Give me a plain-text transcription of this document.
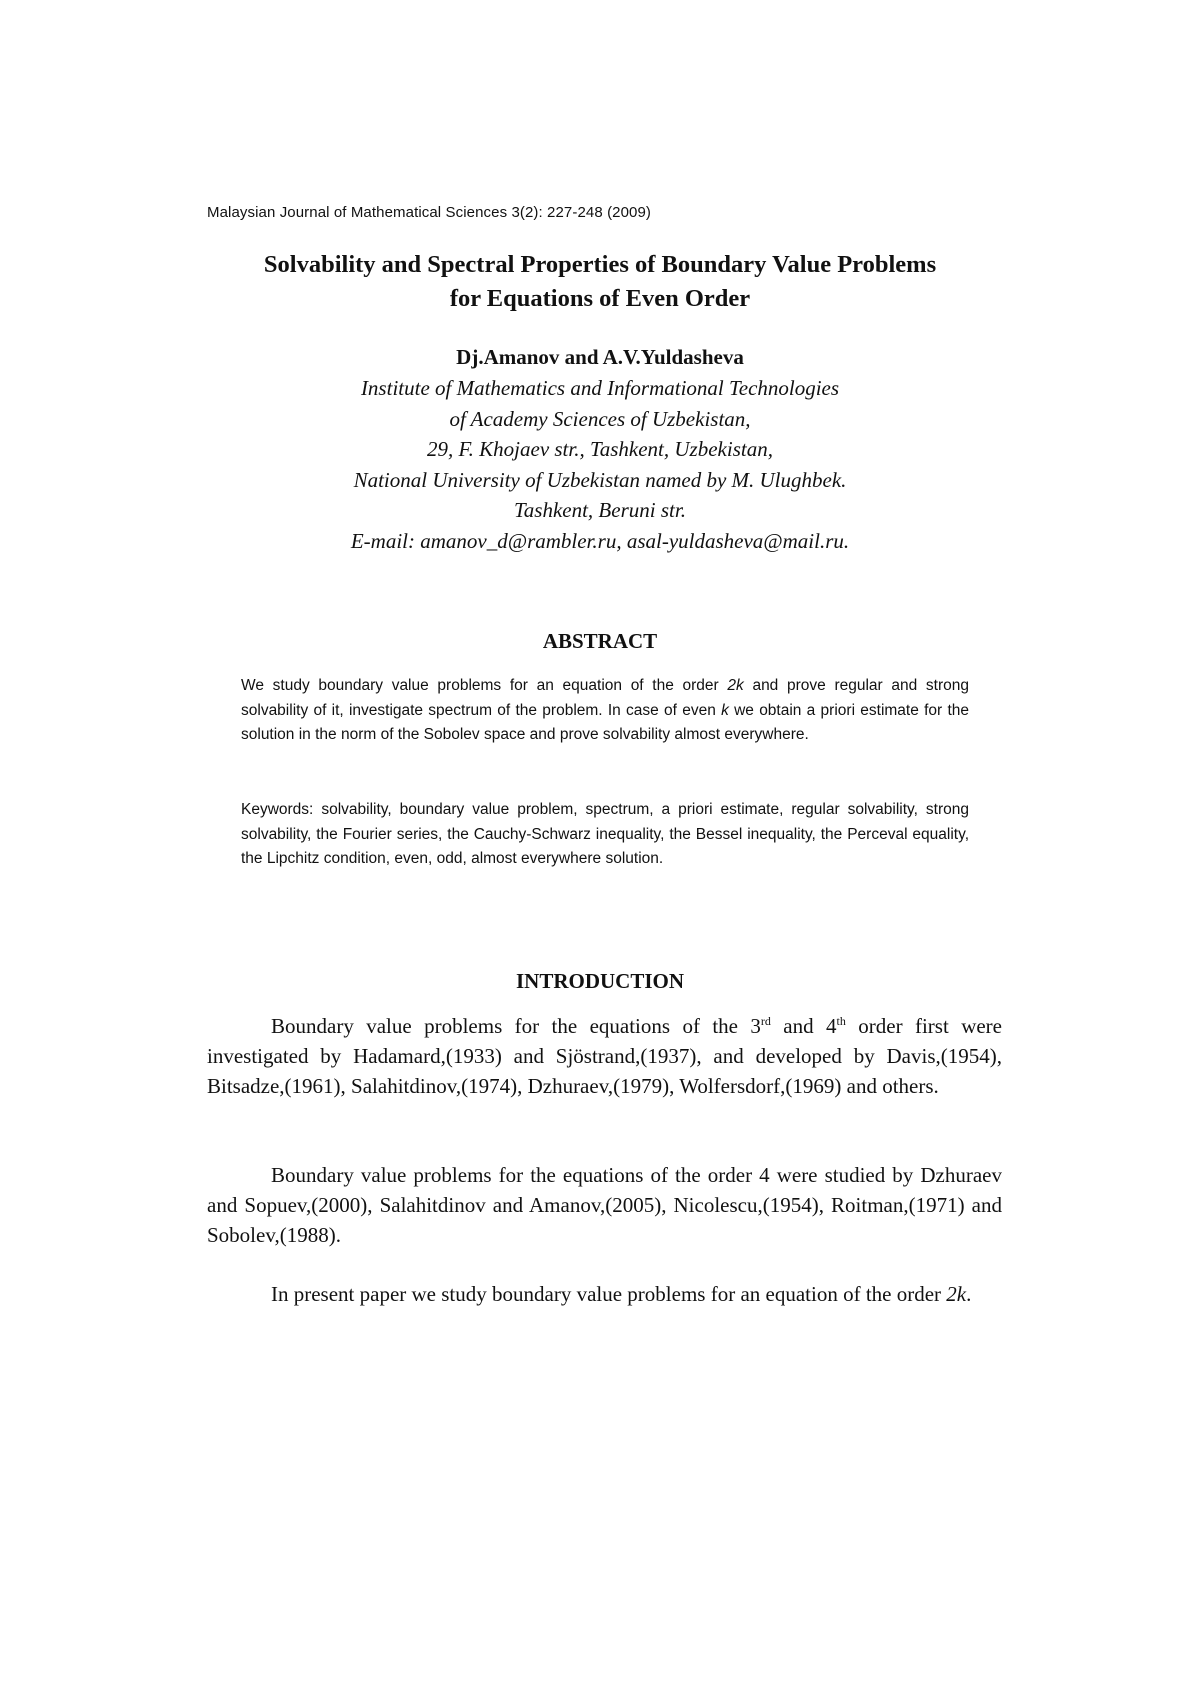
Malaysian Journal of Mathematical Sciences 3(2): 227-248 (2009)
Solvability and Spectral Properties of Boundary Value Problems
for Equations of Even Order
Dj.Amanov and A.V.Yuldasheva
Institute of Mathematics and Informational Technologies
of Academy Sciences of Uzbekistan,
29, F. Khojaev str., Tashkent, Uzbekistan,
National University of Uzbekistan named by M. Ulughbek.
Tashkent, Beruni str.
E-mail: amanov_d@rambler.ru, asal-yuldasheva@mail.ru.
ABSTRACT

We study boundary value problems for an equation of the order 2k and prove regular and strong solvability of it, investigate spectrum of the problem. In case of even k we obtain a priori estimate for the solution in the norm of the Sobolev space and prove solvability almost everywhere.

Keywords: solvability, boundary value problem, spectrum, a priori estimate, regular solvability, strong solvability, the Fourier series, the Cauchy-Schwarz inequality, the Bessel inequality, the Perceval equality, the Lipchitz condition, even, odd, almost everywhere solution.

INTRODUCTION

Boundary value problems for the equations of the 3rd and 4th order first were investigated by Hadamard,(1933) and Sjöstrand,(1937), and developed by Davis,(1954), Bitsadze,(1961), Salahitdinov,(1974), Dzhuraev,(1979), Wolfersdorf,(1969) and others.

Boundary value problems for the equations of the order 4 were studied by Dzhuraev and Sopuev,(2000), Salahitdinov and Amanov,(2005), Nicolescu,(1954), Roitman,(1971) and Sobolev,(1988).

In present paper we study boundary value problems for an equation of the order 2k.
